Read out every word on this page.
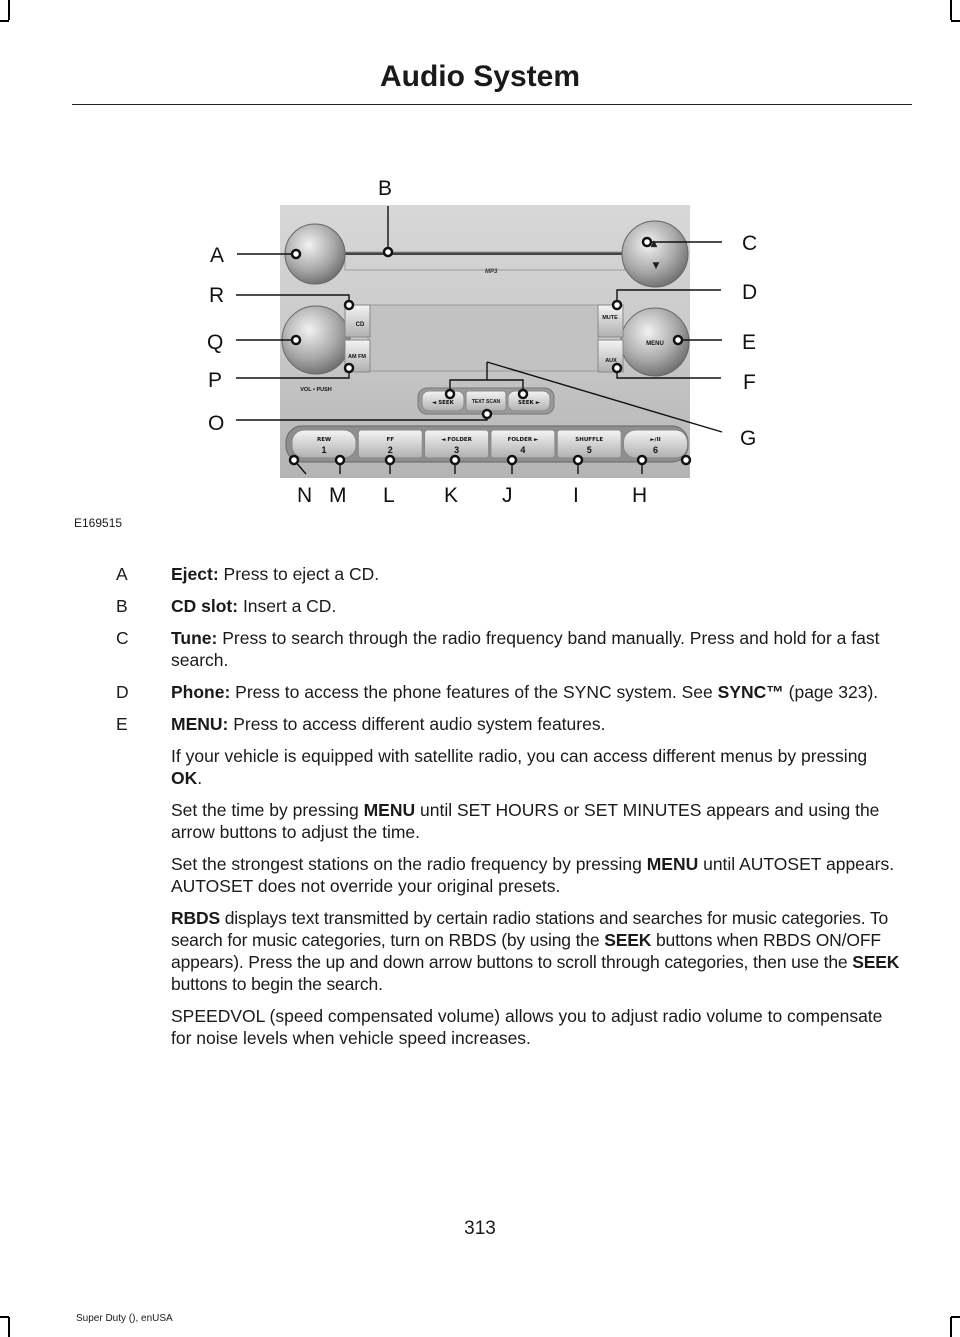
Audio System
MP3
▲
▼
MENU
CD
AM FM
MUTE
AUX
VOL • PUSH
◄ SEEK	TEXT SCAN	SEEK ►
REW
1
FF
2
◄ FOLDER
3
FOLDER ►
4
SHUFFLE
5
►/II
6
A
B
C
D
E
F
G
H
I
J
K
L
M
N
O
P
Q
R
E169515
A Eject: Press to eject a CD.
B CD slot: Insert a CD.
C Tune: Press to search through the radio frequency band manually. Press and hold for a fast search.
D Phone: Press to access the phone features of the SYNC system. See SYNC™ (page 323).
E MENU: Press to access different audio system features.
If your vehicle is equipped with satellite radio, you can access different menus by pressing OK.
Set the time by pressing MENU until SET HOURS or SET MINUTES appears and using the arrow buttons to adjust the time.
Set the strongest stations on the radio frequency by pressing MENU until AUTOSET appears. AUTOSET does not override your original presets.
RBDS displays text transmitted by certain radio stations and searches for music categories. To search for music categories, turn on RBDS (by using the SEEK buttons when RBDS ON/OFF appears). Press the up and down arrow buttons to scroll through categories, then use the SEEK buttons to begin the search.
SPEEDVOL (speed compensated volume) allows you to adjust radio volume to compensate for noise levels when vehicle speed increases.
313
Super Duty (), enUSA
